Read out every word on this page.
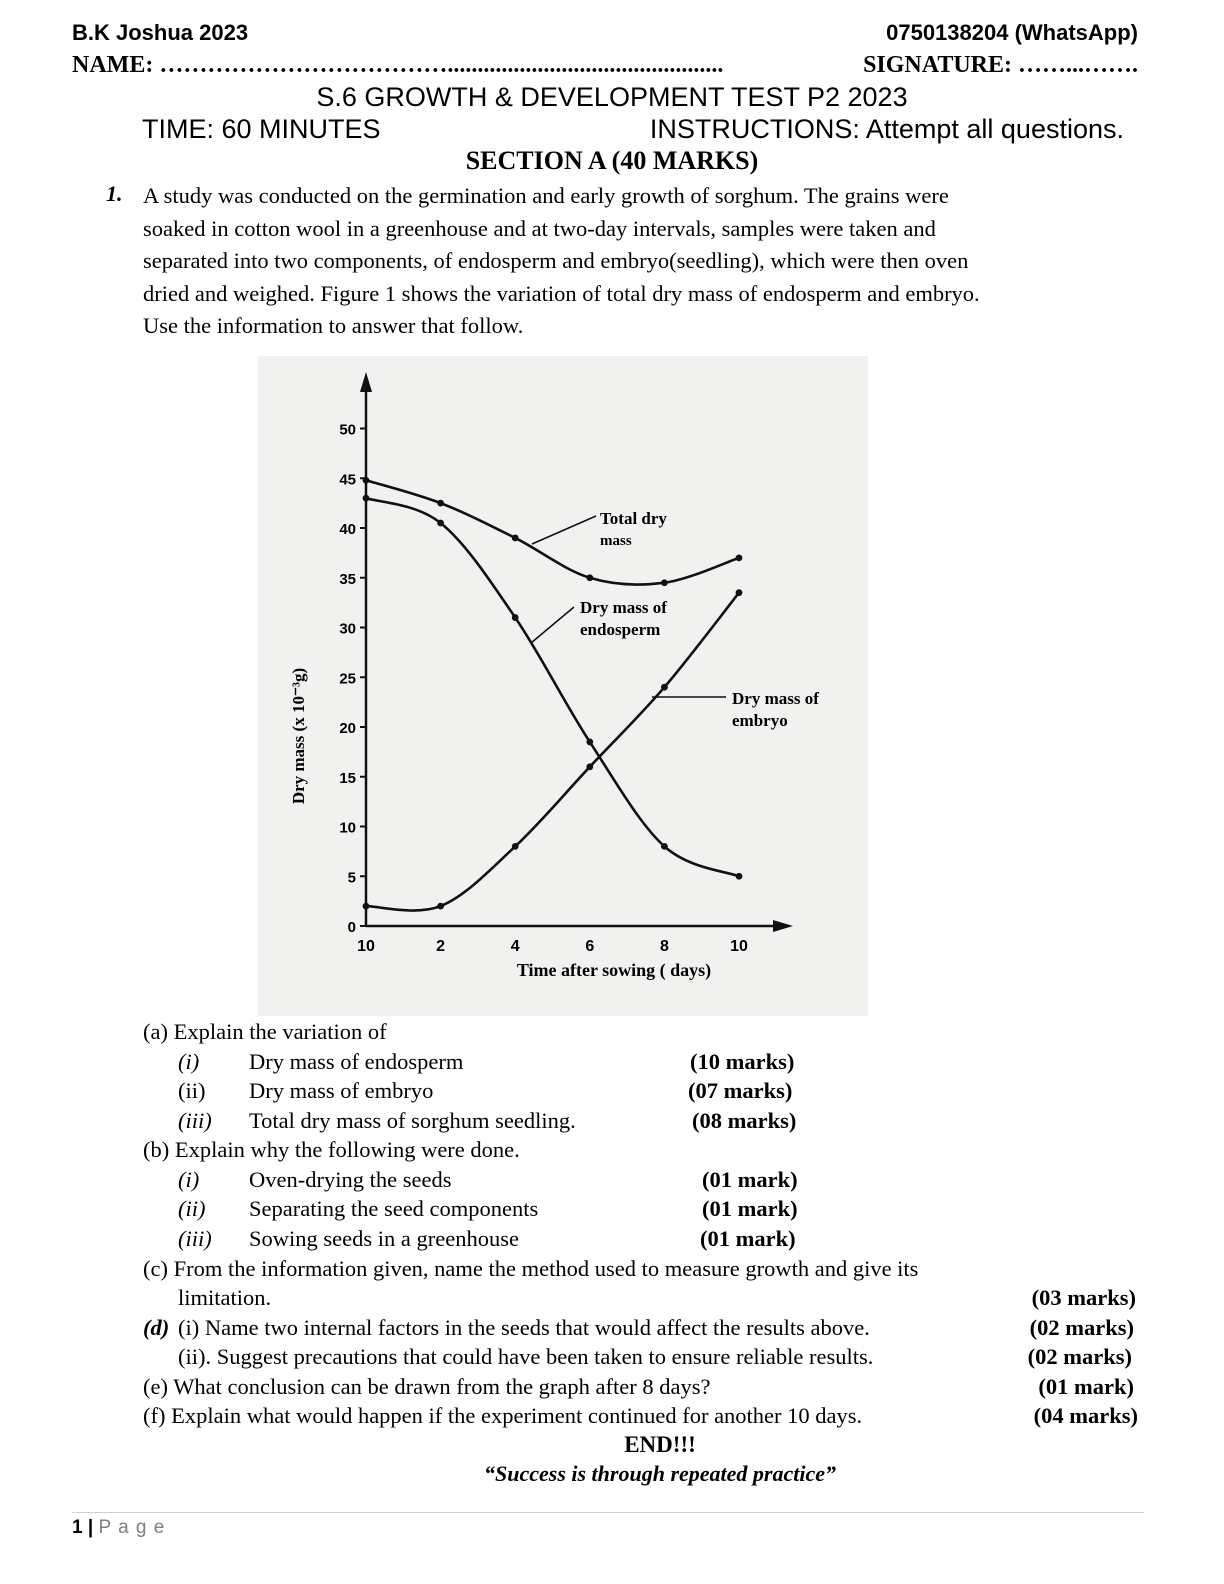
B.K Joshua 2023	0750138204 (WhatsApp)
NAME: ………………………………..............................................	SIGNATURE: ……...…….
S.6 GROWTH & DEVELOPMENT TEST P2 2023
TIME: 60 MINUTES	INSTRUCTIONS: Attempt all questions.
SECTION A (40 MARKS)
1. A study was conducted on the germination and early growth of sorghum. The grains were

soaked in cotton wool in a greenhouse and at two-day intervals, samples were taken and

separated into two components, of endosperm and embryo(seedling), which were then oven

dried and weighed. Figure 1 shows the variation of total dry mass of endosperm and embryo.

Use the information to answer that follow.

0
5
10
15
20
25
30
35
40
45
50
10	2	4	6	8	10
Dry mass (x 10⁻³g)
Time after sowing ( days)
Total dry
mass
Dry mass of
endosperm
Dry mass of
embryo
(a) Explain the variation of
(i) Dry mass of endosperm	(10 marks)
(ii) Dry mass of embryo	(07 marks)
(iii) Total dry mass of sorghum seedling.	(08 marks)
(b) Explain why the following were done.
(i) Oven-drying the seeds	(01 mark)
(ii) Separating the seed components	(01 mark)
(iii) Sowing seeds in a greenhouse	(01 mark)
(c) From the information given, name the method used to measure growth and give its
limitation.	(03 marks)
(d) (i) Name two internal factors in the seeds that would affect the results above.	(02 marks)
(ii). Suggest precautions that could have been taken to ensure reliable results.	(02 marks)
(e) What conclusion can be drawn from the graph after 8 days?	(01 mark)
(f) Explain what would happen if the experiment continued for another 10 days.	(04 marks)
END!!!
“Success is through repeated practice”
1 | P a g e
